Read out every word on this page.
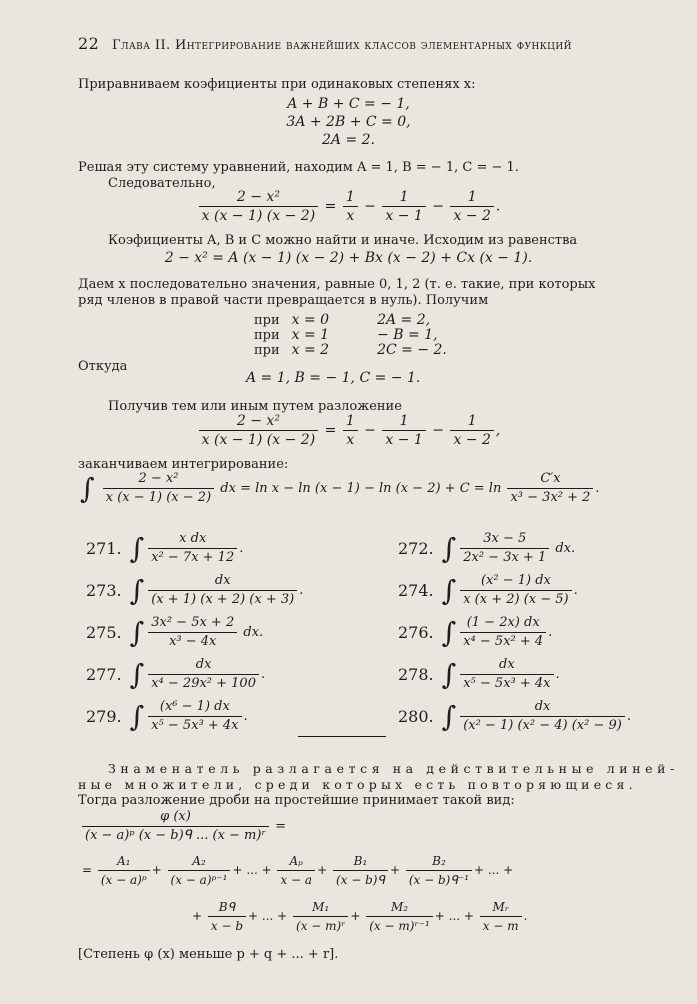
22 Глава II. Интегрирование важнейших классов элементарных функций
Приравниваем коэфициенты при одинаковых степенях x:
A + B + C = − 1,
3A + 2B + C = 0,
2A = 2.
Решая эту систему уравнений, находим A = 1, B = − 1, C = − 1.
Следовательно,
$\frac{\text{2 − x²}}{x (x - 1) (x - 2)} = \frac{1}{x} - \frac{1}{x - 1} - \frac{1}{x - 2}$ .
Коэфициенты A, B и C можно найти и иначе. Исходим из равенства
2 − x² = A (x − 1) (x − 2) + Bx (x − 2) + Cx (x − 1).
Даем x последовательно значения, равные 0, 1, 2 (т. е. такие, при которых
ряд членов в правой части превращается в нуль). Получим
при	x = 0	2A = 2,
при	x = 1	− B = 1,
при	x = 2	2C = − 2.
Откуда
A = 1, B = − 1, C = − 1.
Получив тем или иным путем разложение
$\frac{\text{2 − x²}}{x (x - 1) (x - 2)} = \frac{1}{x} - \frac{1}{x - 1} - \frac{1}{x - 2}$ ,
заканчиваем интегрирование:
∫ $\frac{\text{2 − x²}}{x (x - 1) (x - 2)}$ dx = $\ln x - \ln (x - 1) - \ln (x - 2) + C = \ln \frac{C'x}{\text{x³ − 3x² + 2}}$ .
271. ∫ $\frac{\text{x dx}}{\text{x² − 7x + 12}}$ .	272. ∫ $\frac{3x - 5}{\text{2x² − 3x + 1}}$ dx.
273. ∫ $\frac{dx}{(x + 1) (x + 2) (x + 3)}$ .	274. ∫ $\frac{\text{(x² − 1) dx}}{x (x + 2) (x - 5)}$ .
275. ∫ $\frac{\text{3x² − 5x + 2}}{\text{x³ − 4x}}$ dx.	276. ∫ $\frac{(1 - 2x) dx}{\text{x⁴ − 5x² + 4}}$ .
277. ∫ $\frac{dx}{\text{x⁴ − 29x² + 100}}$ .	278. ∫ $\frac{dx}{\text{x⁵ − 5x³ + 4x}}$ .
279. ∫ $\frac{\text{(x⁶ − 1) dx}}{\text{x⁵ − 5x³ + 4x}}$ .	280. ∫ $\frac{dx}{\text{(x² − 1) (x² − 4) (x² − 9)}}$ .
Знаменатель разлагается на действительные линей-
ные множители, среди которых есть повторяющиеся.
Тогда разложение дроби на простейшие принимает такой вид:
$\frac{\varphi (x)}{\text{(x − a)ᵖ (x − b)ᑫ ... (x − m)ʳ}}$ =
= $\frac{\text{A₁}}{\text{(x − a)ᵖ}} + \frac{\text{A₂}}{\text{(x − a)ᵖ⁻¹}}$ + ... + $\frac{\text{Aₚ}}{x - a} + \frac{\text{B₁}}{\text{(x − b)ᑫ}} + \frac{\text{B₂}}{\text{(x − b)ᑫ⁻¹}}$ + ... +
+ $\frac{\text{Bᑫ}}{x - b}$ + ... + $\frac{\text{M₁}}{\text{(x − m)ʳ}} + \frac{\text{M₂}}{\text{(x − m)ʳ⁻¹}}$ + ... + $\frac{\text{Mᵣ}}{x - m}$ .
[Степень φ (x) меньше p + q + ... + r].
